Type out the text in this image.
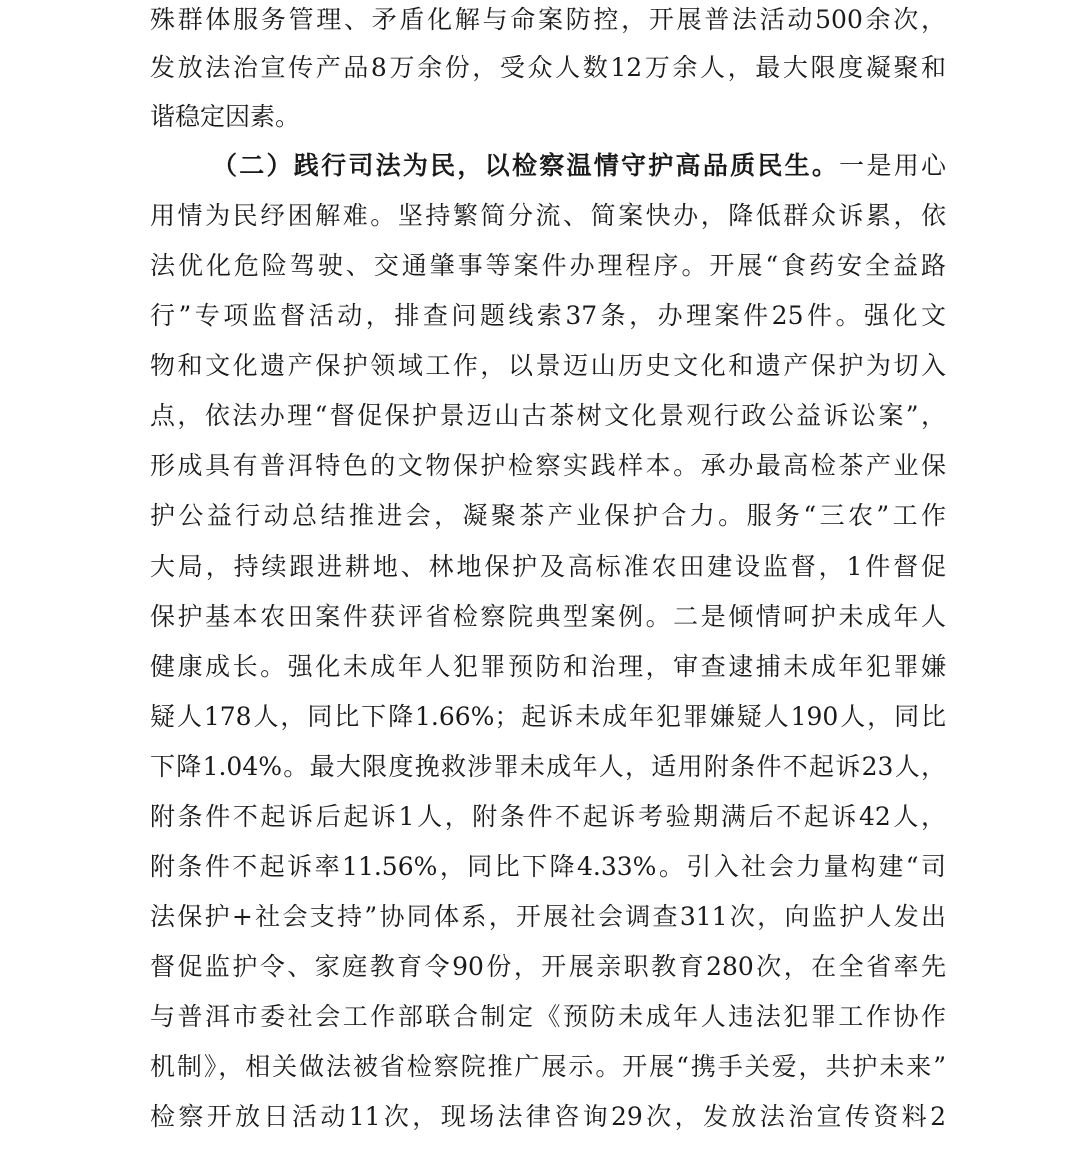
殊群体服务管理、矛盾化解与命案防控，开展普法活动500余次，
发放法治宣传产品8万余份，受众人数12万余人，最大限度凝聚和
谐稳定因素。
（二）践行司法为民，以检察温情守护高品质民生。一是用心
用情为民纾困解难。坚持繁简分流、简案快办，降低群众诉累，依
法优化危险驾驶、交通肇事等案件办理程序。开展“食药安全益路
行”专项监督活动，排查问题线索37条，办理案件25件。强化文
物和文化遗产保护领域工作，以景迈山历史文化和遗产保护为切入
点，依法办理“督促保护景迈山古茶树文化景观行政公益诉讼案”，
形成具有普洱特色的文物保护检察实践样本。承办最高检茶产业保
护公益行动总结推进会，凝聚茶产业保护合力。服务“三农”工作
大局，持续跟进耕地、林地保护及高标准农田建设监督，1件督促
保护基本农田案件获评省检察院典型案例。二是倾情呵护未成年人
健康成长。强化未成年人犯罪预防和治理，审查逮捕未成年犯罪嫌
疑人178人，同比下降1.66%；起诉未成年犯罪嫌疑人190人，同比
下降1.04%。最大限度挽救涉罪未成年人，适用附条件不起诉23人，
附条件不起诉后起诉1人，附条件不起诉考验期满后不起诉42人，
附条件不起诉率11.56%，同比下降4.33%。引入社会力量构建“司
法保护+社会支持”协同体系，开展社会调查311次，向监护人发出
督促监护令、家庭教育令90份，开展亲职教育280次，在全省率先
与普洱市委社会工作部联合制定《预防未成年人违法犯罪工作协作
机制》，相关做法被省检察院推广展示。开展“携手关爱，共护未来”
检察开放日活动11次，现场法律咨询29次，发放法治宣传资料2
